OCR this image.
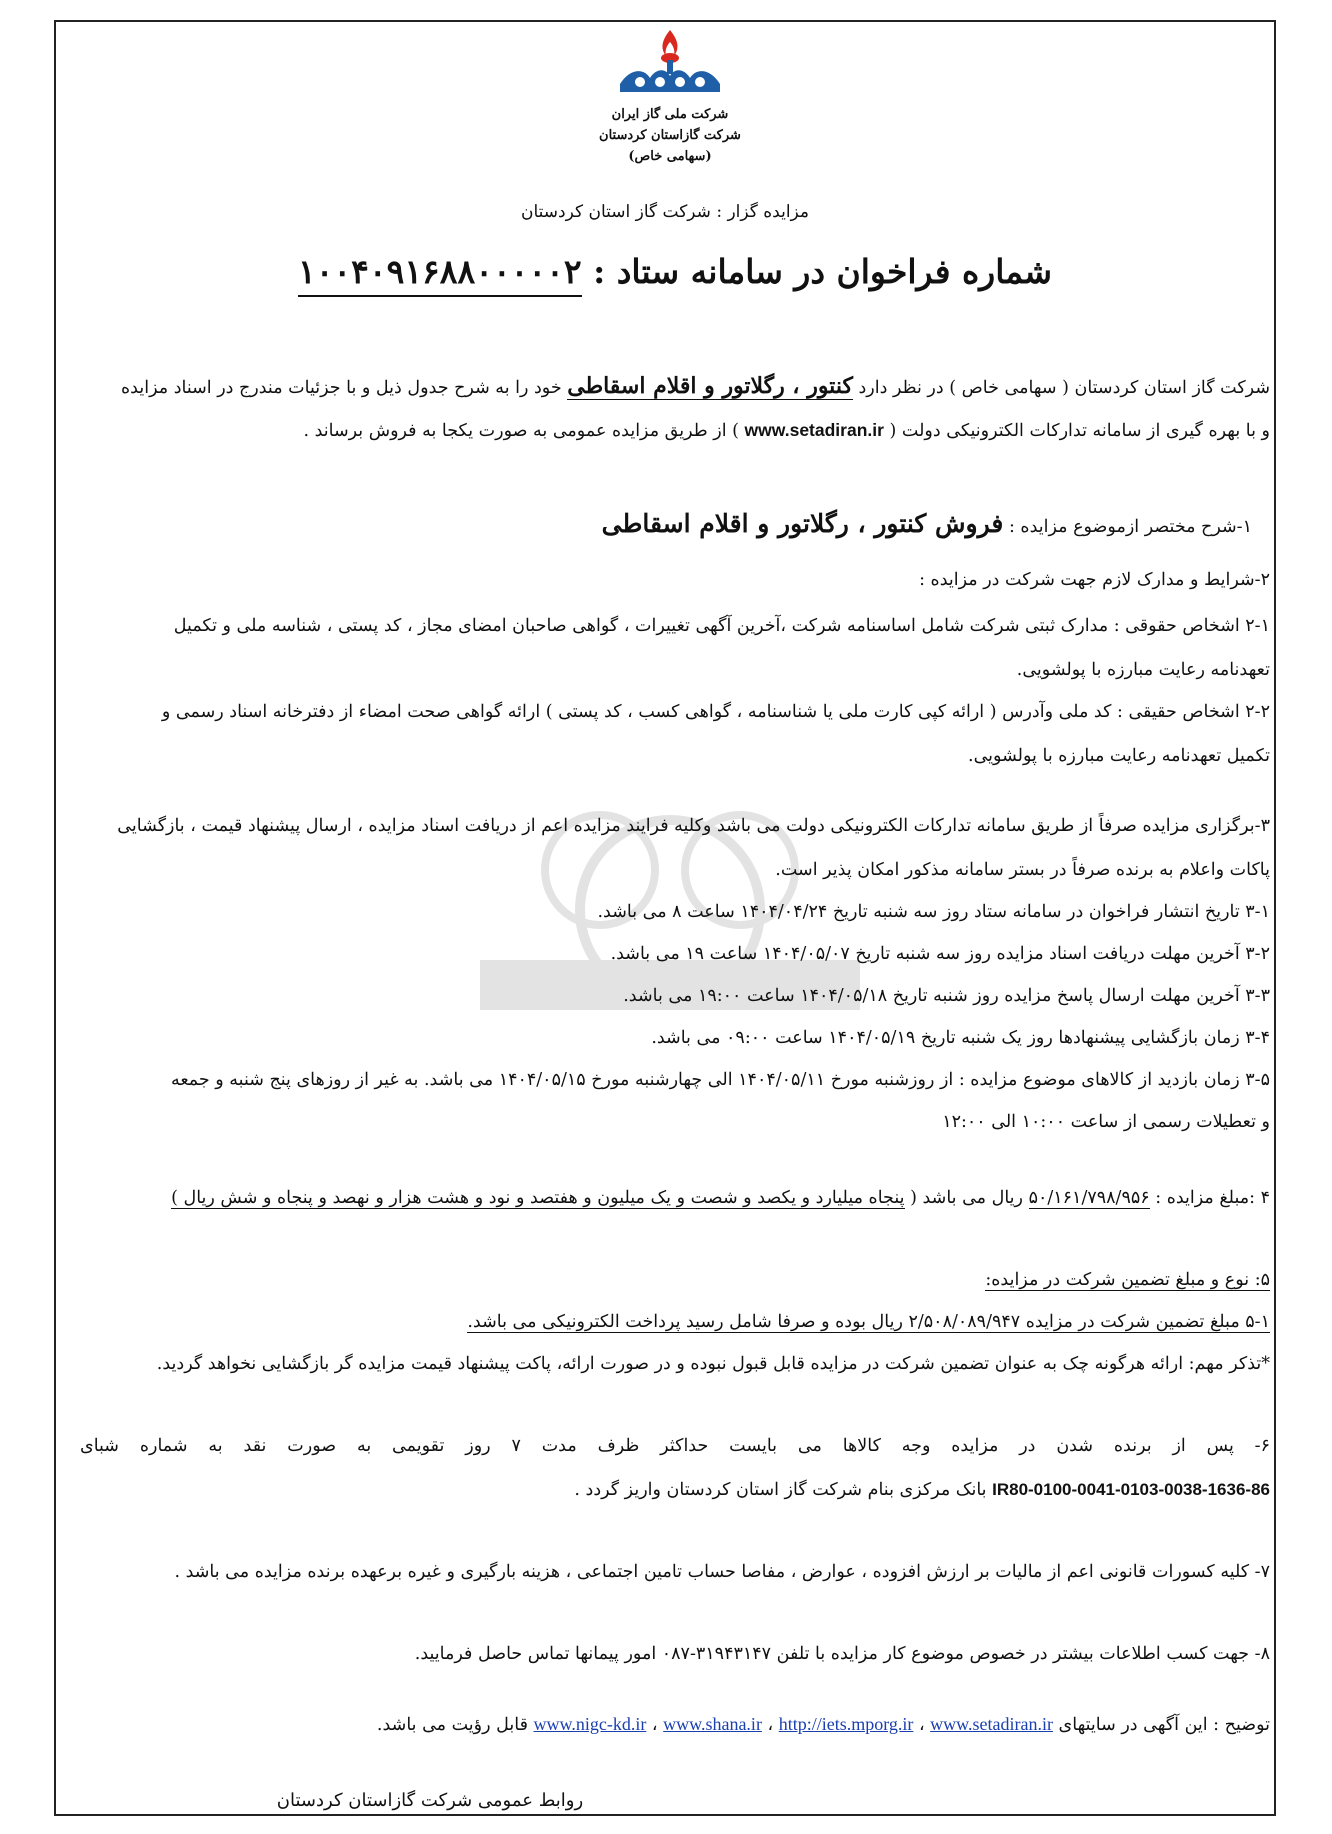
شرکت ملی گاز ایران
شرکت گازاستان کردستان
(سهامی خاص)
مزایده گزار : شرکت گاز استان کردستان
شماره فراخوان در سامانه ستاد : ۱۰۰۴۰۹۱۶۸۸۰۰۰۰۰۲
شرکت گاز استان کردستان ( سهامی خاص ) در نظر دارد کنتور ، رگلاتور و اقلام اسقاطی خود را به شرح جدول ذیل و با جزئیات مندرج در اسناد مزایده
و با بهره گیری از سامانه تدارکات الکترونیکی دولت ( www.setadiran.ir ) از طریق مزایده عمومی به صورت یکجا به فروش برساند .
۱-شرح مختصر ازموضوع مزایده : فروش کنتور ، رگلاتور و اقلام اسقاطی
۲-شرایط و مدارک لازم جهت شرکت در مزایده :
۲-۱ اشخاص حقوقی : مدارک ثبتی شرکت شامل اساسنامه شرکت ،آخرین آگهی تغییرات ، گواهی صاحبان امضای مجاز ، کد پستی ، شناسه ملی و تکمیل
تعهدنامه رعایت مبارزه با پولشویی.
۲-۲ اشخاص حقیقی : کد ملی وآدرس ( ارائه کپی کارت ملی یا شناسنامه ، گواهی کسب ، کد پستی ) ارائه گواهی صحت امضاء از دفترخانه اسناد رسمی و
تکمیل تعهدنامه رعایت مبارزه با پولشویی.
۳-برگزاری مزایده صرفاً از طریق سامانه تدارکات الکترونیکی دولت می باشد وکلیه فرایند مزایده اعم از دریافت اسناد مزایده ، ارسال پیشنهاد قیمت ، بازگشایی
پاکات واعلام به برنده صرفاً در بستر سامانه مذکور امکان پذیر است.
۳-۱ تاریخ انتشار فراخوان در سامانه ستاد روز سه شنبه تاریخ ۱۴۰۴/۰۴/۲۴ ساعت ۸ می باشد.
۳-۲ آخرین مهلت دریافت اسناد مزایده روز سه شنبه تاریخ ۱۴۰۴/۰۵/۰۷ ساعت ۱۹ می باشد.
۳-۳ آخرین مهلت ارسال پاسخ مزایده روز شنبه تاریخ ۱۴۰۴/۰۵/۱۸ ساعت ۱۹:۰۰ می باشد.
۳-۴ زمان بازگشایی پیشنهادها روز یک شنبه تاریخ ۱۴۰۴/۰۵/۱۹ ساعت ۰۹:۰۰ می باشد.
۳-۵ زمان بازدید از کالاهای موضوع مزایده : از روزشنبه مورخ ۱۴۰۴/۰۵/۱۱ الی چهارشنبه مورخ ۱۴۰۴/۰۵/۱۵ می باشد. به غیر از روزهای پنج شنبه و جمعه
و تعطیلات رسمی از ساعت ۱۰:۰۰ الی ۱۲:۰۰
۴ :مبلغ مزایده : ۵۰/۱۶۱/۷۹۸/۹۵۶ ریال می باشد ( پنجاه میلیارد و یکصد و شصت و یک میلیون و هفتصد و نود و هشت هزار و نهصد و پنجاه و شش ریال )
۵: نوع و مبلغ تضمین شرکت در مزایده:
۵-۱ مبلغ تضمین شرکت در مزایده ۲/۵۰۸/۰۸۹/۹۴۷ ریال بوده و صرفا شامل رسید پرداخت الکترونیکی می باشد.
*تذکر مهم: ارائه هرگونه چک به عنوان تضمین شرکت در مزایده قابل قبول نبوده و در صورت ارائه، پاکت پیشنهاد قیمت مزایده گر بازگشایی نخواهد گردید.
۶- پس از برنده شدن در مزایده وجه کالاها می بایست حداکثر ظرف مدت ۷ روز تقویمی به صورت نقد به شماره شبای
IR80-0100-0041-0103-0038-1636-86 بانک مرکزی بنام شرکت گاز استان کردستان واریز گردد .
۷- کلیه کسورات قانونی اعم از مالیات بر ارزش افزوده ، عوارض ، مفاصا حساب تامین اجتماعی ، هزینه بارگیری و غیره برعهده برنده مزایده می باشد .
۸- جهت کسب اطلاعات بیشتر در خصوص موضوع کار مزایده با تلفن ۳۱۹۴۳۱۴۷-۰۸۷ امور پیمانها تماس حاصل فرمایید.
توضیح : این آگهی در سایتهای www.nigc-kd.ir ، www.shana.ir ، http://iets.mporg.ir ، www.setadiran.ir قابل رؤیت می باشد.
روابط عمومی شرکت گازاستان کردستان
